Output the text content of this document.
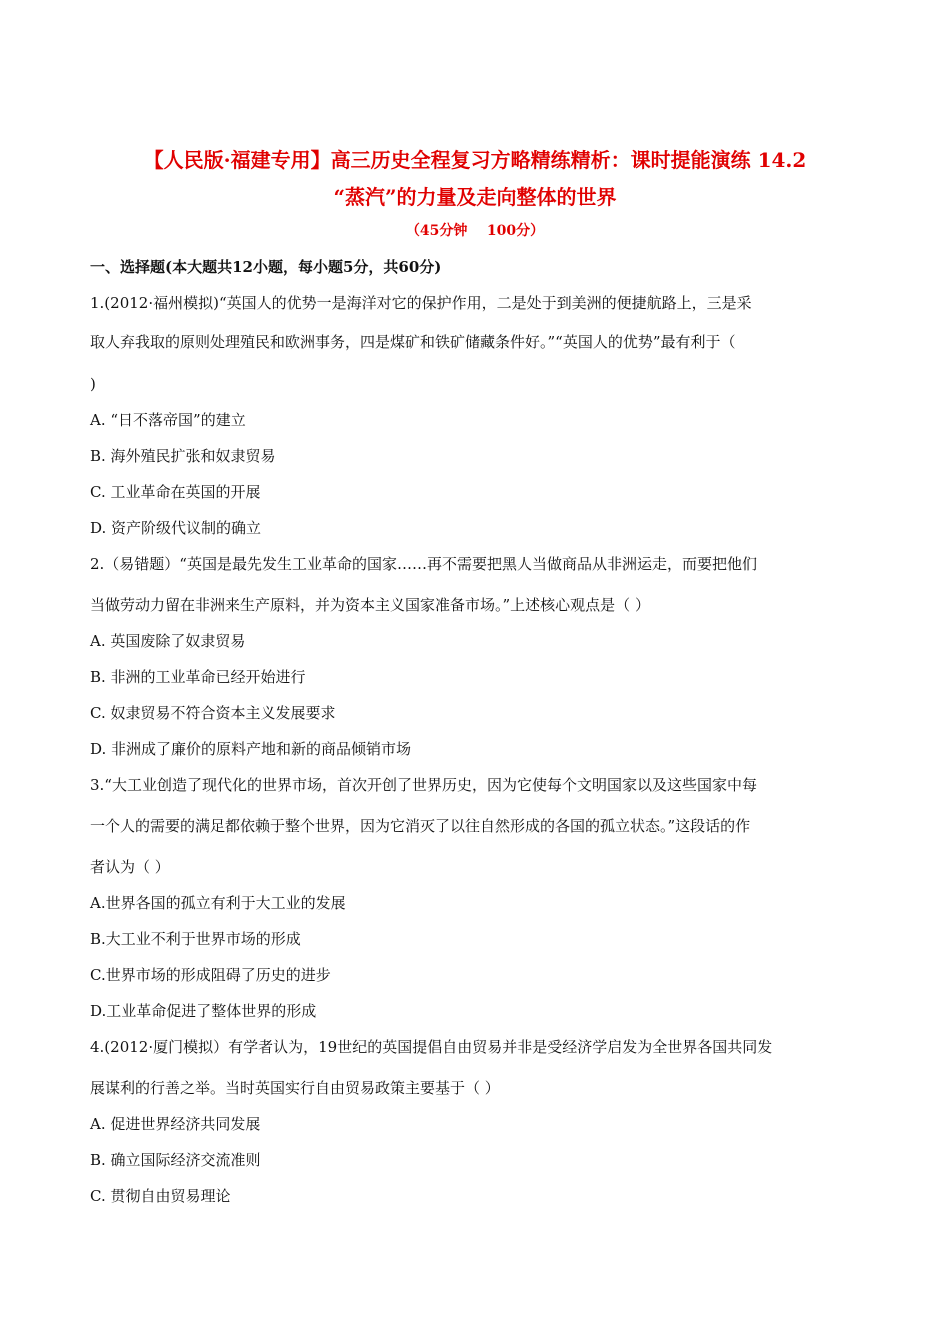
【人民版·福建专用】高三历史全程复习方略精练精析：课时提能演练 14.2
“蒸汽”的力量及走向整体的世界
（45分钟    100分）
一、选择题(本大题共12小题，每小题5分，共60分)
1.(2012·福州模拟)“英国人的优势一是海洋对它的保护作用，二是处于到美洲的便捷航路上，三是采
取人弃我取的原则处理殖民和欧洲事务，四是煤矿和铁矿储藏条件好。”“英国人的优势”最有利于（
)
A. “日不落帝国”的建立
B. 海外殖民扩张和奴隶贸易
C. 工业革命在英国的开展
D. 资产阶级代议制的确立
2.（易错题）“英国是最先发生工业革命的国家……再不需要把黑人当做商品从非洲运走，而要把他们
当做劳动力留在非洲来生产原料，并为资本主义国家准备市场。”上述核心观点是（ ）
A. 英国废除了奴隶贸易
B. 非洲的工业革命已经开始进行
C. 奴隶贸易不符合资本主义发展要求
D. 非洲成了廉价的原料产地和新的商品倾销市场
3.“大工业创造了现代化的世界市场，首次开创了世界历史，因为它使每个文明国家以及这些国家中每
一个人的需要的满足都依赖于整个世界，因为它消灭了以往自然形成的各国的孤立状态。”这段话的作
者认为（ ）
A.世界各国的孤立有利于大工业的发展
B.大工业不利于世界市场的形成
C.世界市场的形成阻碍了历史的进步
D.工业革命促进了整体世界的形成
4.(2012·厦门模拟）有学者认为，19世纪的英国提倡自由贸易并非是受经济学启发为全世界各国共同发
展谋利的行善之举。当时英国实行自由贸易政策主要基于（ ）
A. 促进世界经济共同发展
B. 确立国际经济交流准则
C. 贯彻自由贸易理论
